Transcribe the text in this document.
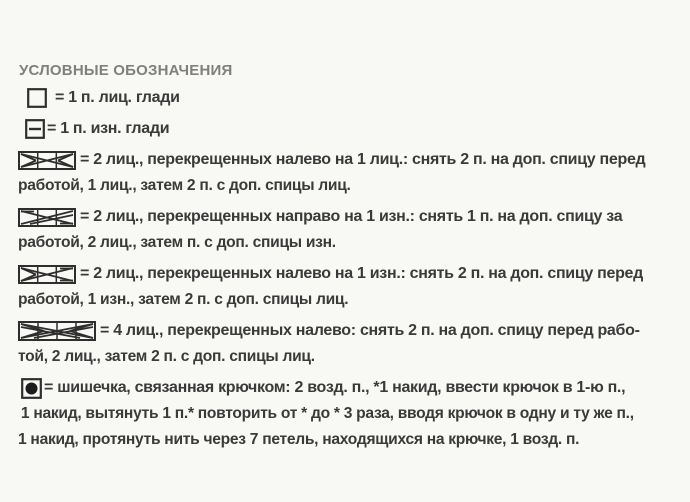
УСЛОВНЫЕ ОБОЗНАЧЕНИЯ
= 1 п. лиц. глади
= 1 п. изн. глади
= 2 лиц., перекрещенных налево на 1 лиц.: снять 2 п. на доп. спицу перед
работой, 1 лиц., затем 2 п. с доп. спицы лиц.
= 2 лиц., перекрещенных направо на 1 изн.: снять 1 п. на доп. спицу за
работой, 2 лиц., затем п. с доп. спицы изн.
= 2 лиц., перекрещенных налево на 1 изн.: снять 2 п. на доп. спицу перед
работой, 1 изн., затем 2 п. с доп. спицы лиц.
= 4 лиц., перекрещенных налево: снять 2 п. на доп. спицу перед рабо-
той, 2 лиц., затем 2 п. с доп. спицы лиц.
= шишечка, связанная крючком: 2 возд. п., *1 накид, ввести крючок в 1-ю п.,
1 накид, вытянуть 1 п.* повторить от * до * 3 раза, вводя крючок в одну и ту же п.,
1 накид, протянуть нить через 7 петель, находящихся на крючке, 1 возд. п.
